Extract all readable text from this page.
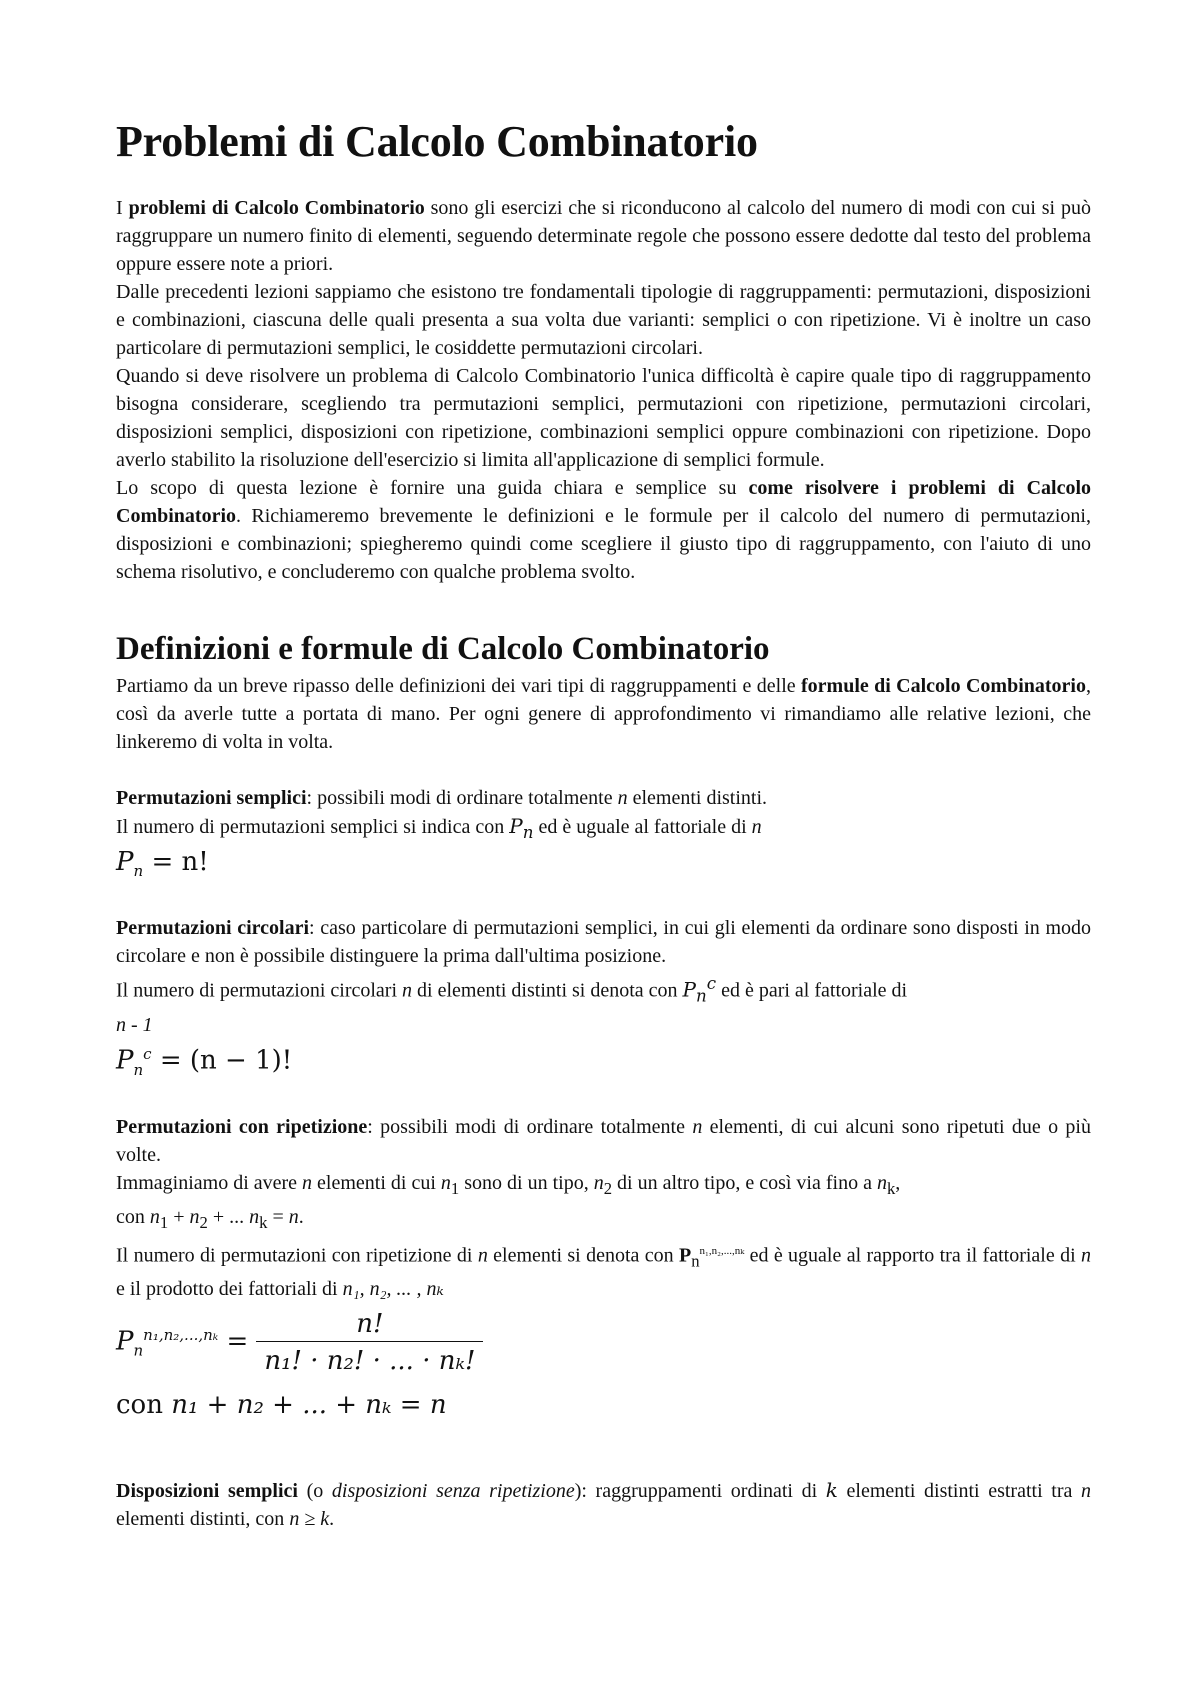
Problemi di Calcolo Combinatorio

I problemi di Calcolo Combinatorio sono gli esercizi che si riconducono al calcolo del numero di modi con cui si può raggruppare un numero finito di elementi, seguendo determinate regole che possono essere dedotte dal testo del problema oppure essere note a priori.

Dalle precedenti lezioni sappiamo che esistono tre fondamentali tipologie di raggruppamenti: permutazioni, disposizioni e combinazioni, ciascuna delle quali presenta a sua volta due varianti: semplici o con ripetizione. Vi è inoltre un caso particolare di permutazioni semplici, le cosiddette permutazioni circolari.

Quando si deve risolvere un problema di Calcolo Combinatorio l'unica difficoltà è capire quale tipo di raggruppamento bisogna considerare, scegliendo tra permutazioni semplici, permutazioni con ripetizione, permutazioni circolari, disposizioni semplici, disposizioni con ripetizione, combinazioni semplici oppure combinazioni con ripetizione. Dopo averlo stabilito la risoluzione dell'esercizio si limita all'applicazione di semplici formule.

Lo scopo di questa lezione è fornire una guida chiara e semplice su come risolvere i problemi di Calcolo Combinatorio. Richiameremo brevemente le definizioni e le formule per il calcolo del numero di permutazioni, disposizioni e combinazioni; spiegheremo quindi come scegliere il giusto tipo di raggruppamento, con l'aiuto di uno schema risolutivo, e concluderemo con qualche problema svolto.

Definizioni e formule di Calcolo Combinatorio

Partiamo da un breve ripasso delle definizioni dei vari tipi di raggruppamenti e delle formule di Calcolo Combinatorio, così da averle tutte a portata di mano. Per ogni genere di approfondimento vi rimandiamo alle relative lezioni, che linkeremo di volta in volta.

Permutazioni semplici: possibili modi di ordinare totalmente n elementi distinti.

Il numero di permutazioni semplici si indica con $P_n$ ed è uguale al fattoriale di n

$P_n = n$!

Permutazioni circolari: caso particolare di permutazioni semplici, in cui gli elementi da ordinare sono disposti in modo circolare e non è possibile distinguere la prima dall'ultima posizione.

Il numero di permutazioni circolari n di elementi distinti si denota con $P_n^c$ ed è pari al fattoriale di

n - 1

$P_n^c = (n - 1)$!

Permutazioni con ripetizione: possibili modi di ordinare totalmente n elementi, di cui alcuni sono ripetuti due o più volte.

Immaginiamo di avere n elementi di cui $n_1$ sono di un tipo, $n_2$ di un altro tipo, e così via fino a $n_k$,
con $n_1 + n_2$ + ... $n_k = n$.

Il numero di permutazioni con ripetizione di n elementi si denota con $P_n^{n_1,n_2,...,n_k}$ ed è uguale al rapporto tra il fattoriale di n e il prodotto dei fattoriali di n₁, n₂, ... , nₖ

$P_n^{n_1,n_2,...,n_k} = \frac{n!}{\text{n₁! · n₂! · ... · nₖ!}}$

con n₁ + n₂ + ... + nₖ = n

Disposizioni semplici (o disposizioni senza ripetizione): raggruppamenti ordinati di k elementi distinti estratti tra n elementi distinti, con n ≥ k.
